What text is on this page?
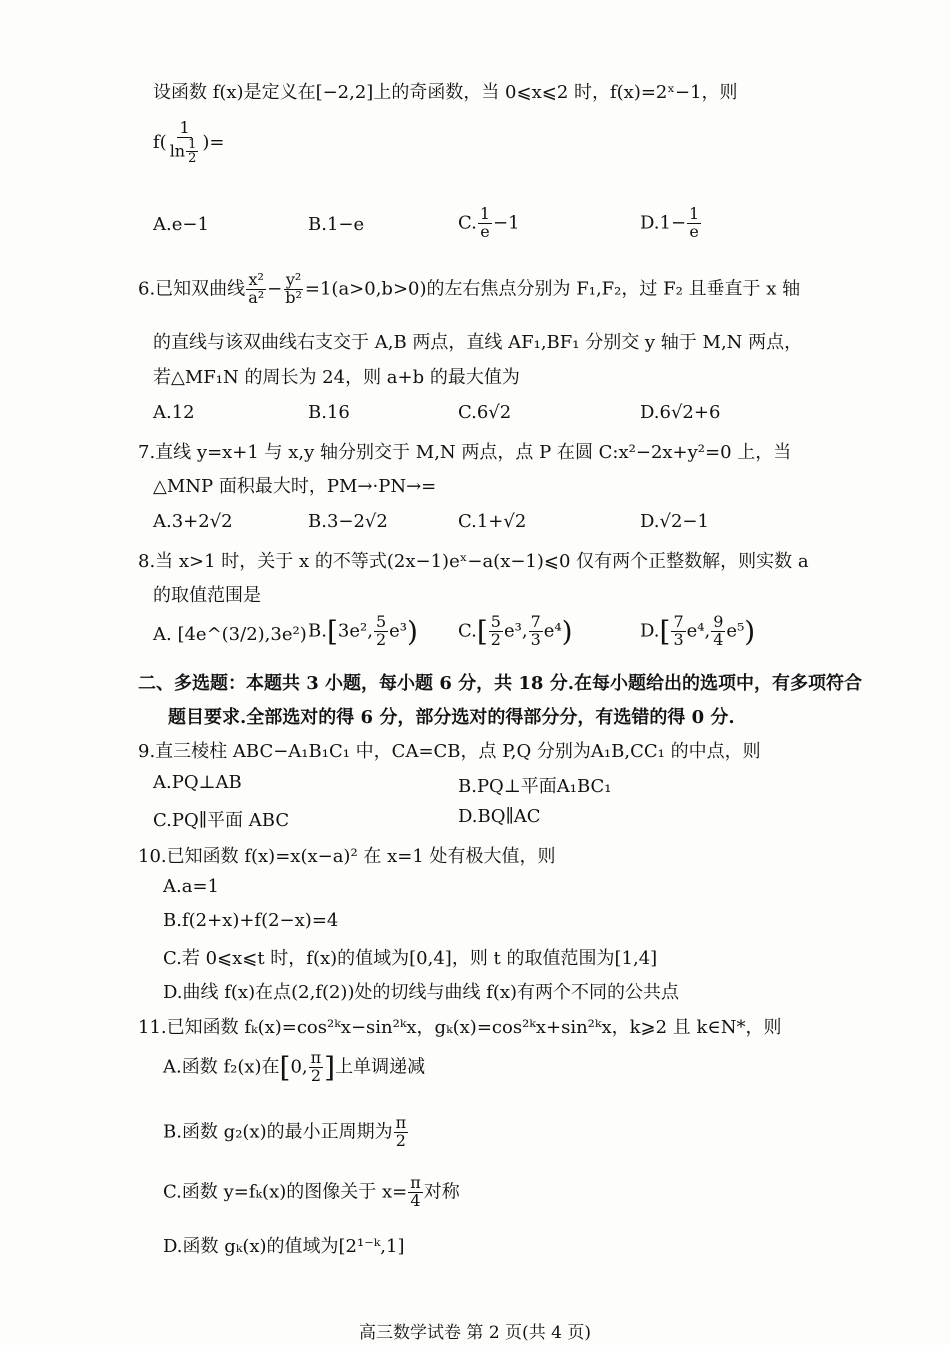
设函数 f(x)是定义在[−2,2]上的奇函数，当 0⩽x⩽2 时，f(x)=2ˣ−1，则
$f( \frac{1}{\ln \frac{1}{2}}$ )=
A.e−1	B.1−e	C. $\frac{1}{e} -1$	$D.1- \frac{1}{e}$
6.已知双曲线 $\frac{\text{x²}}{\text{a²}} - \frac{\text{y²}}{\text{b²}} =1(a>0,b>0)$的左右焦点分别为 F₁,F₂，过 F₂ 且垂直于 x 轴
的直线与该双曲线右支交于 A,B 两点，直线 AF₁,BF₁ 分别交 y 轴于 M,N 两点，
若△MF₁N 的周长为 24，则 a+b 的最大值为
A.12	B.16	C.6√2	D.6√2+6
7.直线 y=x+1 与 x,y 轴分别交于 M,N 两点，点 P 在圆 C:x²−2x+y²=0 上，当
△MNP 面积最大时，PM→·PN→=
A.3+2√2	B.3−2√2	C.1+√2	D.√2−1
8.当 x>1 时，关于 x 的不等式(2x−1)eˣ−a(x−1)⩽0 仅有两个正整数解，则实数 a
的取值范围是
A. [4e^(3/2),3e²) B.[3e², $\frac{5}{2} e^3$) $C.[ \frac{5}{2} e^3$, $\frac{7}{3} e^4$)	$D.[ \frac{7}{3} e^4$, $\frac{9}{4} e^5$)
二、多选题：本题共 3 小题，每小题 6 分，共 18 分.在每小题给出的选项中，有多项符合
题目要求.全部选对的得 6 分，部分选对的得部分分，有选错的得 0 分.
9.直三棱柱 ABC−A₁B₁C₁ 中，CA=CB，点 P,Q 分别为A₁B,CC₁ 的中点，则
A.PQ⊥AB	B.PQ⊥平面A₁BC₁
C.PQ∥平面 ABC	D.BQ∥AC
10.已知函数 f(x)=x(x−a)² 在 x=1 处有极大值，则
A.a=1
B.f(2+x)+f(2−x)=4
C.若 0⩽x⩽t 时，f(x)的值域为[0,4]，则 t 的取值范围为[1,4]
D.曲线 f(x)在点(2,f(2))处的切线与曲线 f(x)有两个不同的公共点
11.已知函数 fₖ(x)=cos²ᵏx−sin²ᵏx，gₖ(x)=cos²ᵏx+sin²ᵏx，k⩾2 且 k∈N*，则
A.函数 f₂(x)在[0, $\frac{\pi}{2}$ ]上单调递减
B.函数 g₂(x)的最小正周期为 $\frac{\pi}{2}$
C.函数 y=fₖ(x)的图像关于 $x= \frac{\pi}{4}$ 对称
D.函数 gₖ(x)的值域为[2¹⁻ᵏ,1]
高三数学试卷 第 2 页(共 4 页)
